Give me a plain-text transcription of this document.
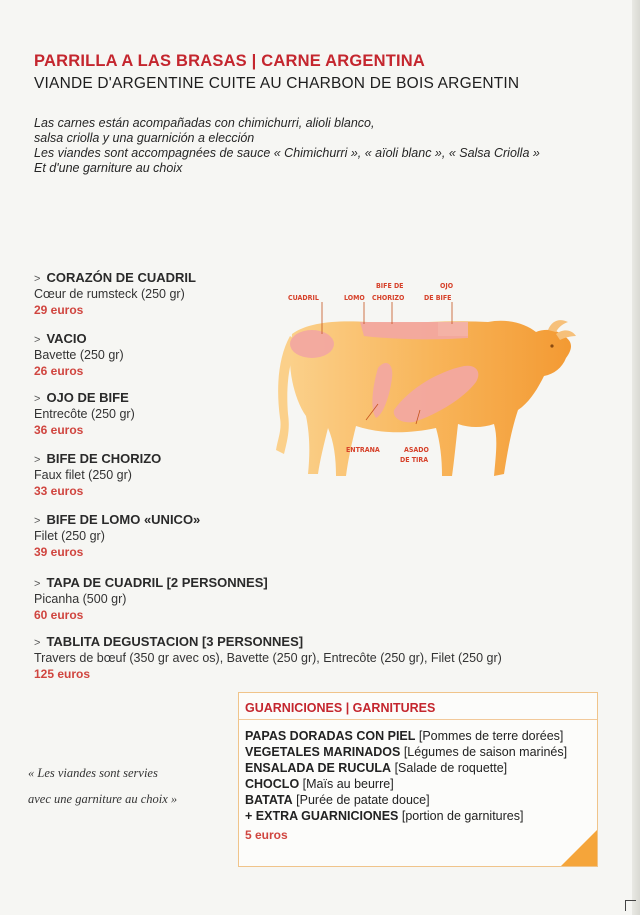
PARRILLA A LAS BRASAS | CARNE ARGENTINA
VIANDE D'ARGENTINE CUITE AU CHARBON DE BOIS ARGENTIN
Las carnes están acompañadas con chimichurri, alioli blanco,
salsa criolla y una guarnición a elección
Les viandes sont accompagnées de sauce « Chimichurri », « aïoli blanc », « Salsa Criolla »
Et d'une garniture au choix
> CORAZÓN DE CUADRIL
Cœur de rumsteck (250 gr)
29 euros
> VACIO
Bavette (250 gr)
26 euros
> OJO DE BIFE
Entrecôte (250 gr)
36 euros
> BIFE DE CHORIZO
Faux filet (250 gr)
33 euros
> BIFE DE LOMO «UNICO»
Filet (250 gr)
39 euros
> TAPA DE CUADRIL [2 PERSONNES]
Picanha (500 gr)
60 euros
> TABLITA DEGUSTACION [3 PERSONNES]
Travers de bœuf (350 gr avec os), Bavette (250 gr), Entrecôte (250 gr), Filet (250 gr)
125 euros
CUADRIL	LOMO
BIFE DE
CHORIZO
OJO
DE BIFE
ENTRANA	ASADO
DE TIRA
« Les viandes sont servies
avec une garniture au choix »
GUARNICIONES | GARNITURES
PAPAS DORADAS CON PIEL [Pommes de terre dorées]
VEGETALES MARINADOS [Légumes de saison marinés]
ENSALADA DE RUCULA [Salade de roquette]
CHOCLO [Maïs au beurre]
BATATA [Purée de patate douce]
+ EXTRA GUARNICIONES [portion de garnitures]
5 euros
